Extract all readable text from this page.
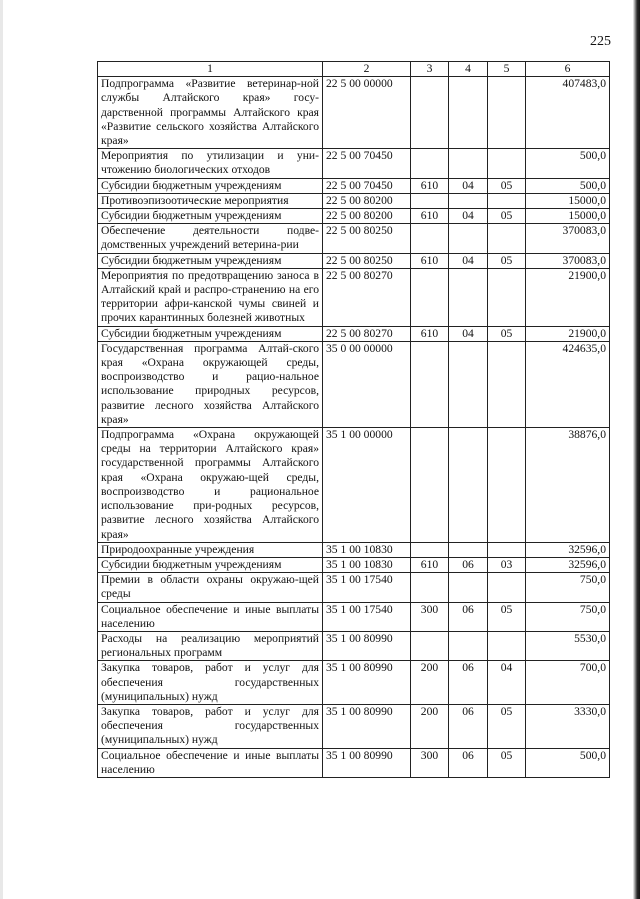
225
1	2	3	4	5	6
Подпрограмма «Развитие ветеринар-ной службы Алтайского края» госу-дарственной программы Алтайского края «Развитие сельского хозяйства Алтайского края»	22 5 00 00000				407483,0
Мероприятия по утилизации и уни-чтожению биологических отходов	22 5 00 70450				500,0
Субсидии бюджетным учреждениям	22 5 00 70450	610	04	05	500,0
Противоэпизоотические мероприятия	22 5 00 80200				15000,0
Субсидии бюджетным учреждениям	22 5 00 80200	610	04	05	15000,0
Обеспечение деятельности подве-домственных учреждений ветерина-рии	22 5 00 80250				370083,0
Субсидии бюджетным учреждениям	22 5 00 80250	610	04	05	370083,0
Мероприятия по предотвращению заноса в Алтайский край и распро-странению на его территории афри-канской чумы свиней и прочих карантинных болезней животных	22 5 00 80270				21900,0
Субсидии бюджетным учреждениям	22 5 00 80270	610	04	05	21900,0
Государственная программа Алтай-ского края «Охрана окружающей среды, воспроизводство и рацио-нальное использование природных ресурсов, развитие лесного хозяйства Алтайского края»	35 0 00 00000				424635,0
Подпрограмма «Охрана окружающей среды на территории Алтайского края» государственной программы Алтайского края «Охрана окружаю-щей среды, воспроизводство и рациональное использование при-родных ресурсов, развитие лесного хозяйства Алтайского края»	35 1 00 00000				38876,0
Природоохранные учреждения	35 1 00 10830				32596,0
Субсидии бюджетным учреждениям	35 1 00 10830	610	06	03	32596,0
Премии в области охраны окружаю-щей среды	35 1 00 17540				750,0
Социальное обеспечение и иные выплаты населению	35 1 00 17540	300	06	05	750,0
Расходы на реализацию мероприятий региональных программ	35 1 00 80990				5530,0
Закупка товаров, работ и услуг для обеспечения государственных (муниципальных) нужд	35 1 00 80990	200	06	04	700,0
Закупка товаров, работ и услуг для обеспечения государственных (муниципальных) нужд	35 1 00 80990	200	06	05	3330,0
Социальное обеспечение и иные выплаты населению	35 1 00 80990	300	06	05	500,0
